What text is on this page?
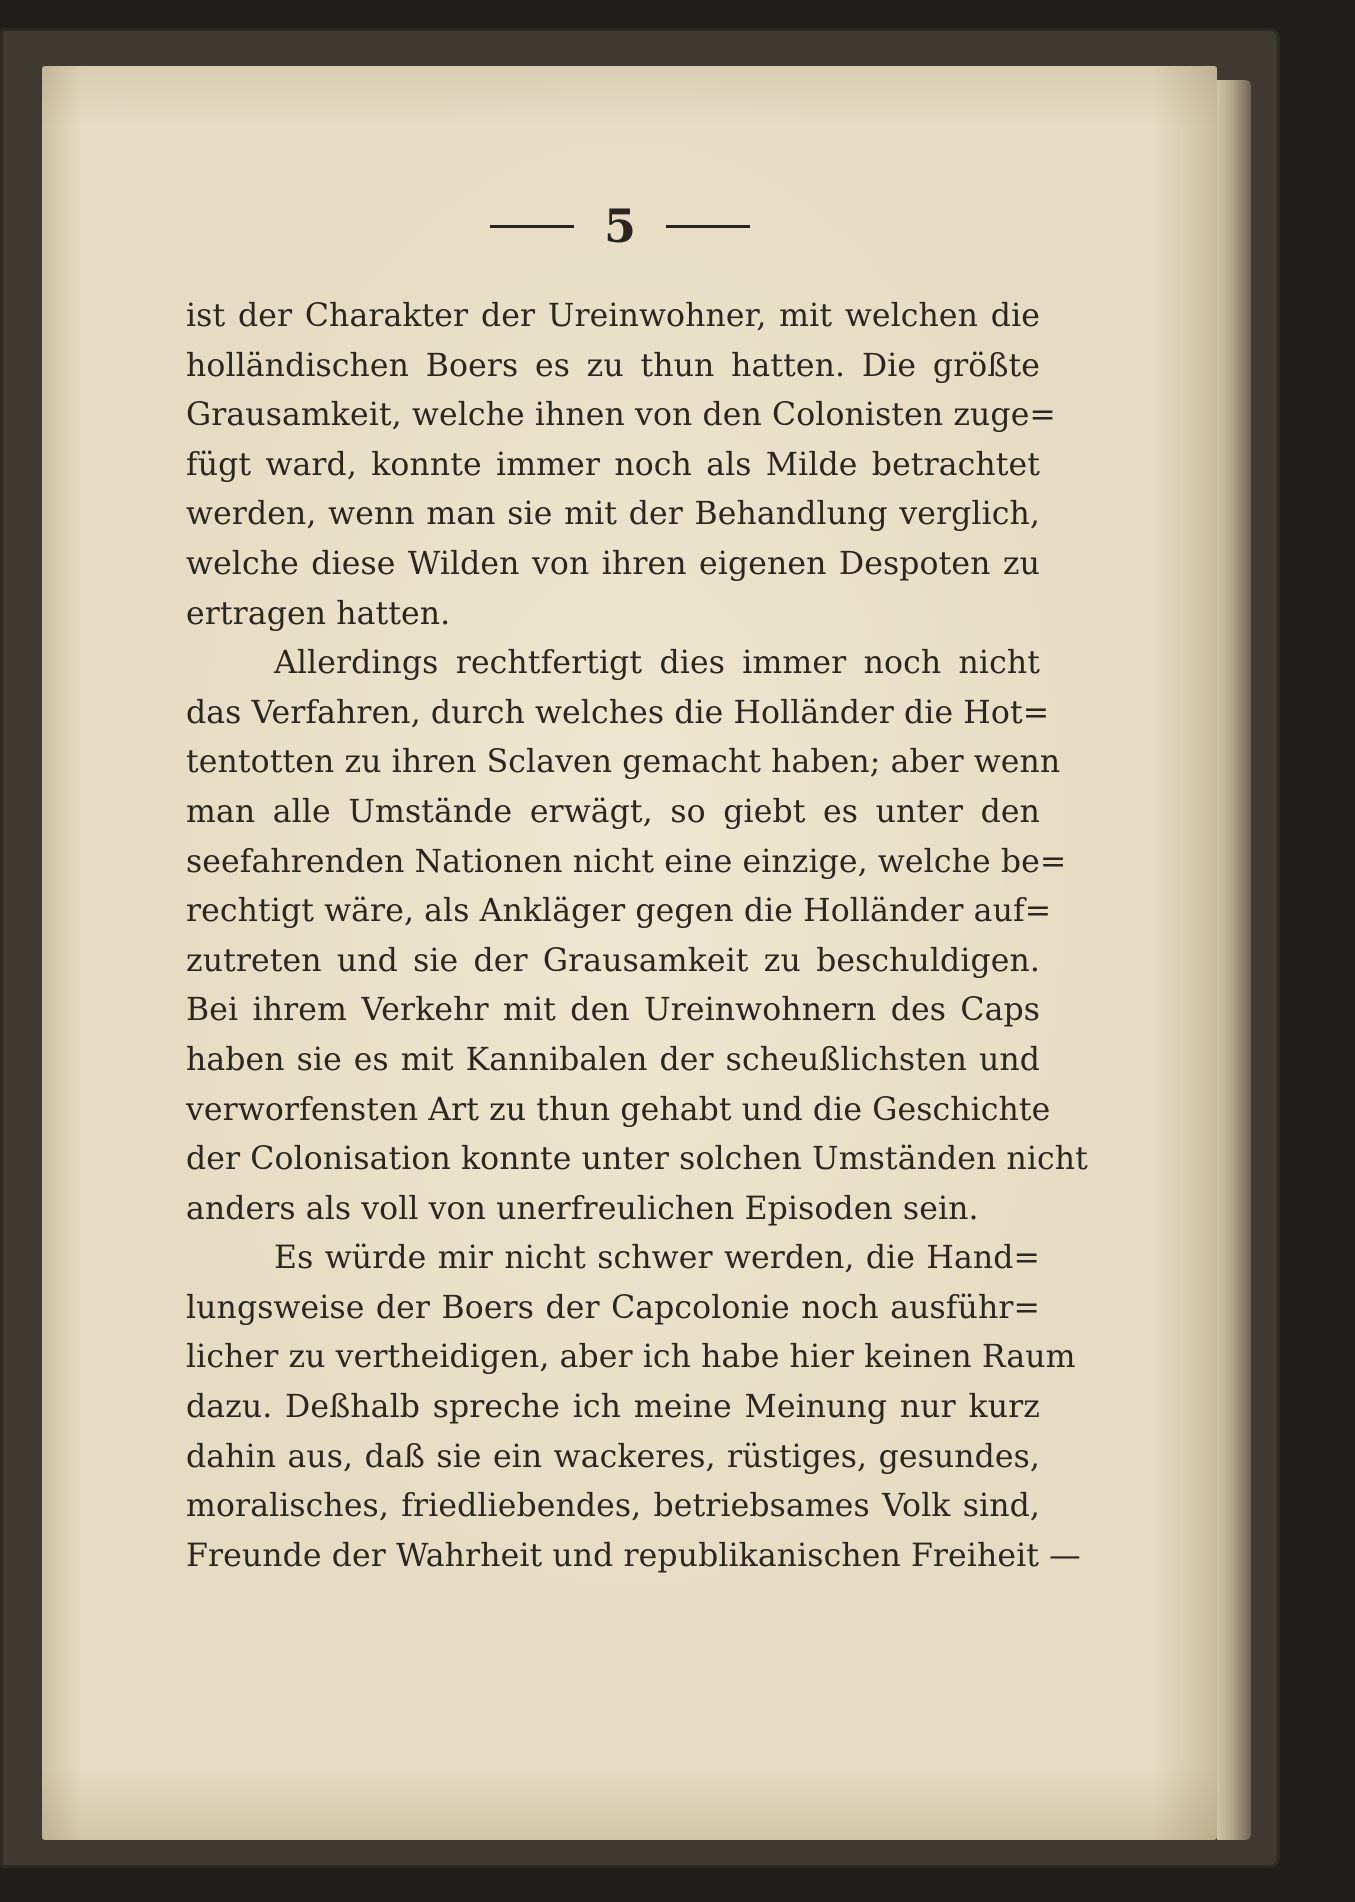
5
ist der Charakter der Ureinwohner, mit welchen die
holländischen Boers es zu thun hatten. Die größte
Grausamkeit, welche ihnen von den Colonisten zuge=
fügt ward, konnte immer noch als Milde betrachtet
werden, wenn man sie mit der Behandlung verglich,
welche diese Wilden von ihren eigenen Despoten zu
ertragen hatten.
Allerdings rechtfertigt dies immer noch nicht
das Verfahren, durch welches die Holländer die Hot=
tentotten zu ihren Sclaven gemacht haben; aber wenn
man alle Umstände erwägt, so giebt es unter den
seefahrenden Nationen nicht eine einzige, welche be=
rechtigt wäre, als Ankläger gegen die Holländer auf=
zutreten und sie der Grausamkeit zu beschuldigen.
Bei ihrem Verkehr mit den Ureinwohnern des Caps
haben sie es mit Kannibalen der scheußlichsten und
verworfensten Art zu thun gehabt und die Geschichte
der Colonisation konnte unter solchen Umständen nicht
anders als voll von unerfreulichen Episoden sein.
Es würde mir nicht schwer werden, die Hand=
lungsweise der Boers der Capcolonie noch ausführ=
licher zu vertheidigen, aber ich habe hier keinen Raum
dazu. Deßhalb spreche ich meine Meinung nur kurz
dahin aus, daß sie ein wackeres, rüstiges, gesundes,
moralisches, friedliebendes, betriebsames Volk sind,
Freunde der Wahrheit und republikanischen Freiheit —
